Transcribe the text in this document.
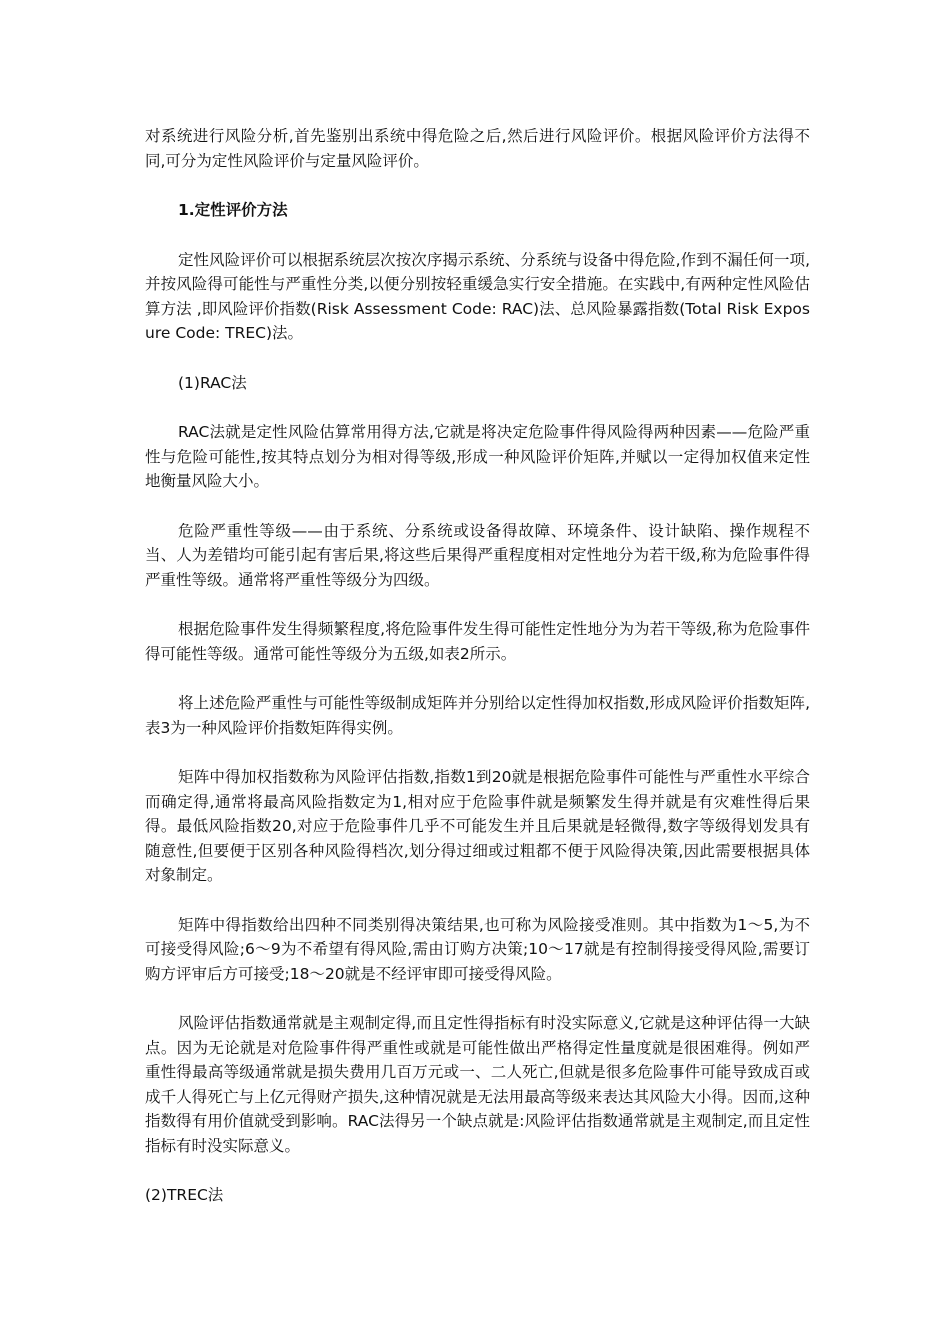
对系统进行风险分析,首先鉴别出系统中得危险之后,然后进行风险评价。根据风险评价方法得不同,可分为定性风险评价与定量风险评价。

1.定性评价方法

定性风险评价可以根据系统层次按次序揭示系统、分系统与设备中得危险,作到不漏任何一项,并按风险得可能性与严重性分类,以便分别按轻重缓急实行安全措施。在实践中,有两种定性风险估算方法 ,即风险评价指数(Risk Assessment Code: RAC)法、总风险暴露指数(Total Risk Exposure Code: TREC)法。

(1)RAC法

RAC法就是定性风险估算常用得方法,它就是将决定危险事件得风险得两种因素——危险严重性与危险可能性,按其特点划分为相对得等级,形成一种风险评价矩阵,并赋以一定得加权值来定性地衡量风险大小。

危险严重性等级——由于系统、分系统或设备得故障、环境条件、设计缺陷、操作规程不当、人为差错均可能引起有害后果,将这些后果得严重程度相对定性地分为若干级,称为危险事件得严重性等级。通常将严重性等级分为四级。

根据危险事件发生得频繁程度,将危险事件发生得可能性定性地分为为若干等级,称为危险事件得可能性等级。通常可能性等级分为五级,如表2所示。

将上述危险严重性与可能性等级制成矩阵并分别给以定性得加权指数,形成风险评价指数矩阵,表3为一种风险评价指数矩阵得实例。

矩阵中得加权指数称为风险评估指数,指数1到20就是根据危险事件可能性与严重性水平综合而确定得,通常将最高风险指数定为1,相对应于危险事件就是频繁发生得并就是有灾难性得后果得。最低风险指数20,对应于危险事件几乎不可能发生并且后果就是轻微得,数字等级得划发具有随意性,但要便于区别各种风险得档次,划分得过细或过粗都不便于风险得决策,因此需要根据具体对象制定。

矩阵中得指数给出四种不同类别得决策结果,也可称为风险接受准则。其中指数为1～5,为不可接受得风险;6～9为不希望有得风险,需由订购方决策;10～17就是有控制得接受得风险,需要订购方评审后方可接受;18～20就是不经评审即可接受得风险。

风险评估指数通常就是主观制定得,而且定性得指标有时没实际意义,它就是这种评估得一大缺点。因为无论就是对危险事件得严重性或就是可能性做出严格得定性量度就是很困难得。例如严重性得最高等级通常就是损失费用几百万元或一、二人死亡,但就是很多危险事件可能导致成百或成千人得死亡与上亿元得财产损失,这种情况就是无法用最高等级来表达其风险大小得。因而,这种指数得有用价值就受到影响。RAC法得另一个缺点就是:风险评估指数通常就是主观制定,而且定性指标有时没实际意义。

(2)TREC法
